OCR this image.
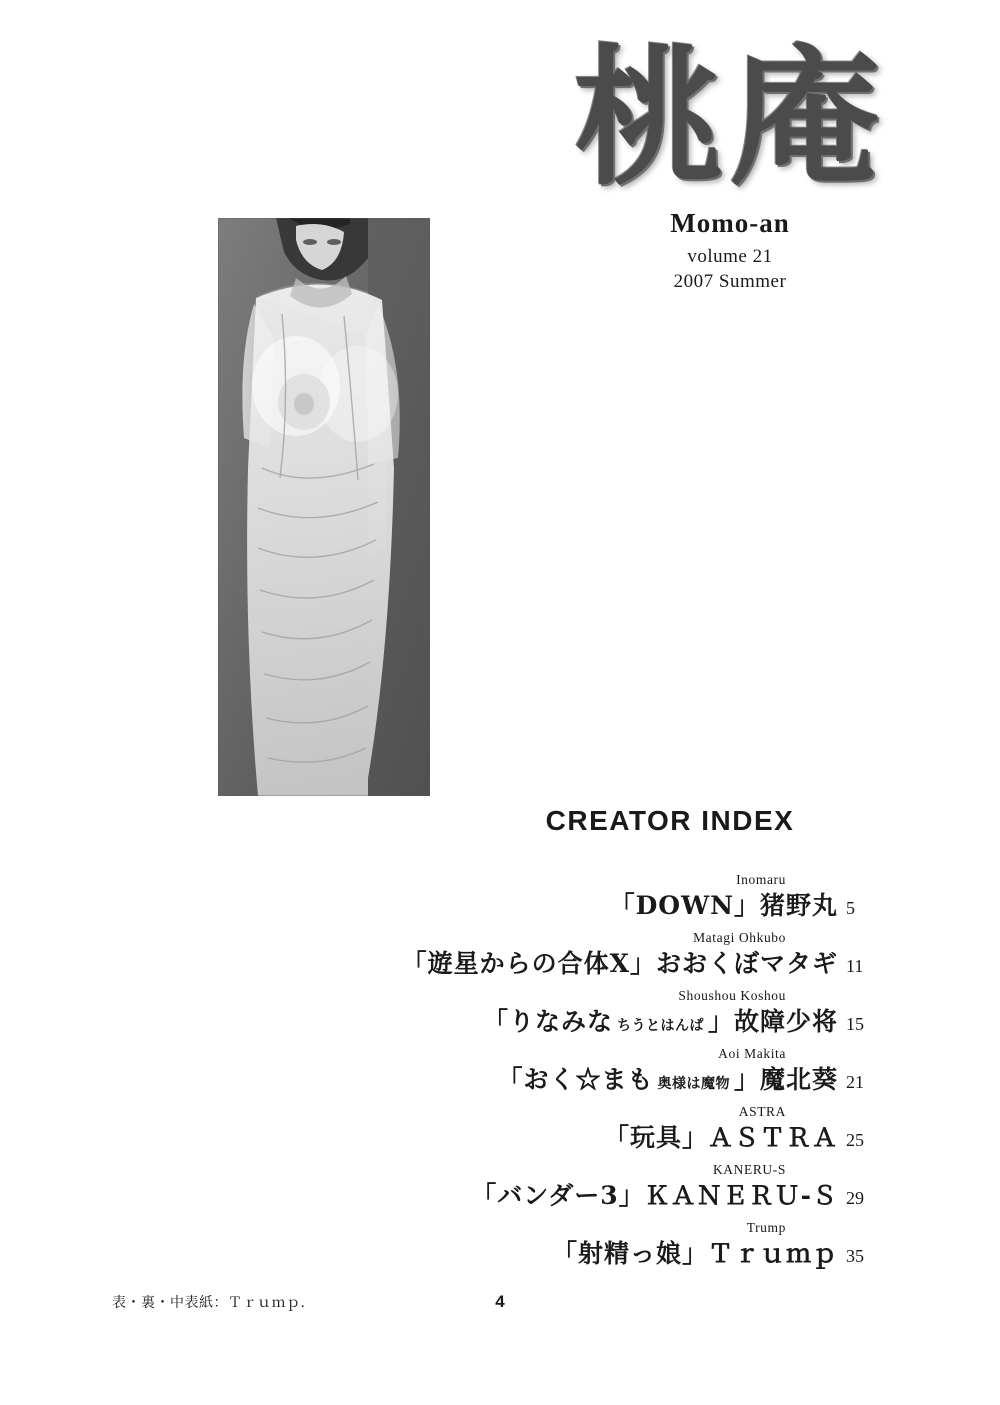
桃庵
Momo-an
volume 21
2007 Summer
CREATOR INDEX
Inomaru
「DOWN」猪野丸 5
Matagi Ohkubo
「遊星からの合体X」おおくぼマタギ 11
Shoushou Koshou
「りなみな ちうとはんぱ 」故障少将 15
Aoi Makita
「おく☆まも 奥様は魔物 」魔北葵 21
ASTRA
「玩具」ＡＳＴＲＡ 25
KANERU-S
「バンダー3」ＫＡＮＥＲＵ-Ｓ 29
Trump
「射精っ娘」Ｔｒｕｍｐ 35
表・裏・中表紙：Ｔｒｕｍｐ.	4
